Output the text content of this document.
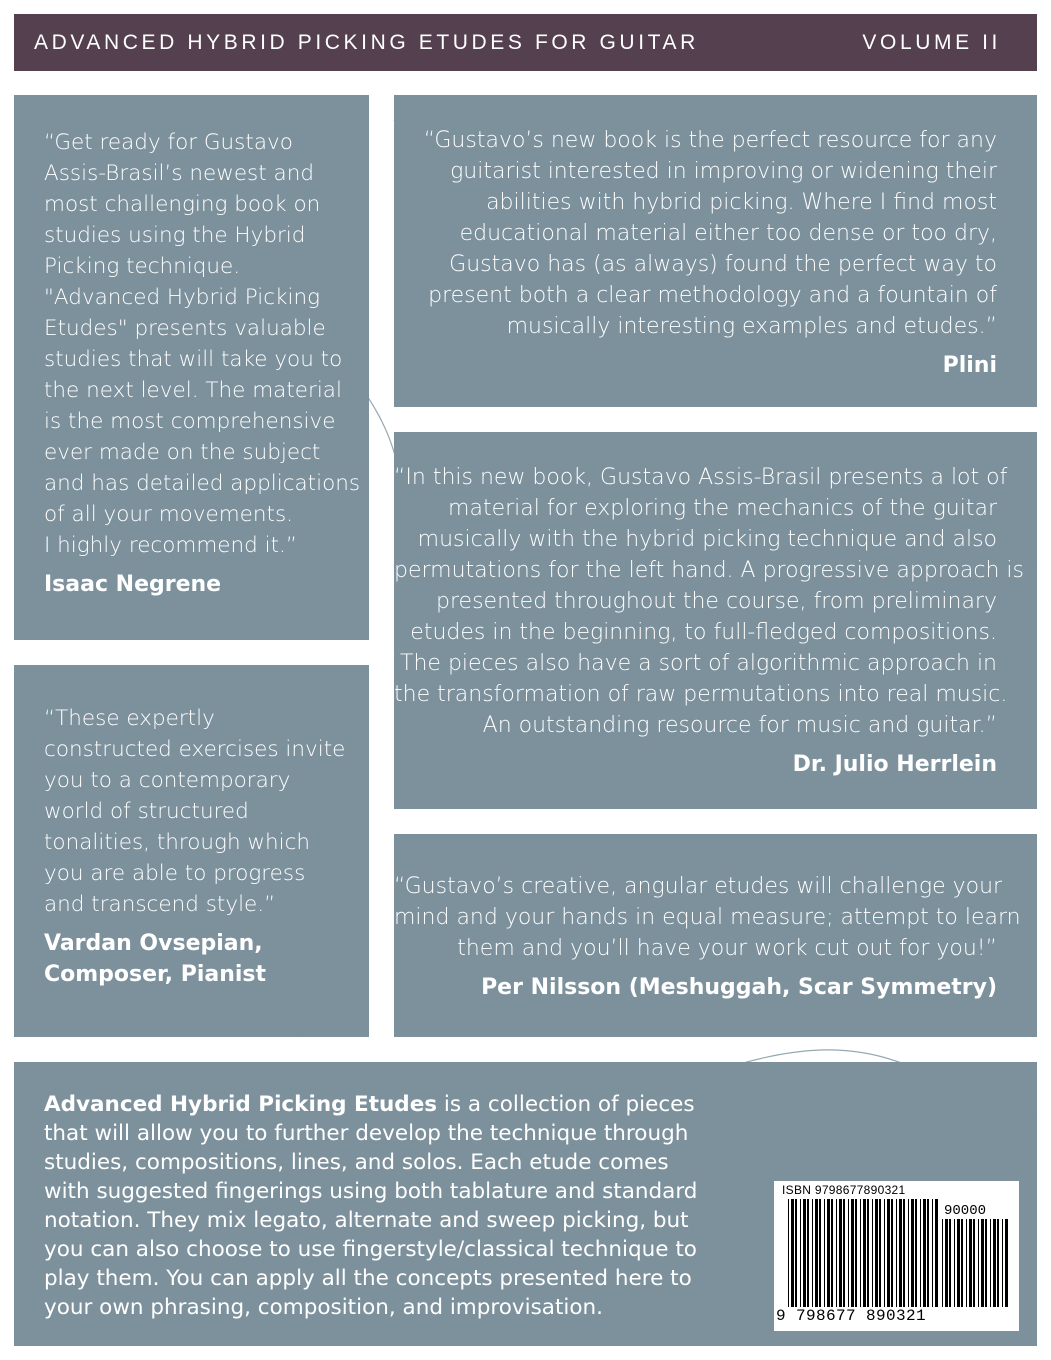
ADVANCED HYBRID PICKING ETUDES FOR GUITAR	VOLUME II

“Get ready for Gustavo

Assis-Brasil’s newest and

most challenging book on

studies using the Hybrid

Picking technique.

"Advanced Hybrid Picking

Etudes" presents valuable

studies that will take you to

the next level. The material

is the most comprehensive

ever made on the subject

and has detailed applications

of all your movements.

I highly recommend it.”

Isaac Negrene

“These expertly

constructed exercises invite

you to a contemporary

world of structured

tonalities, through which

you are able to progress

and transcend style.”

Vardan Ovsepian,

Composer, Pianist

“Gustavo’s new book is the perfect resource for any

guitarist interested in improving or widening their

abilities with hybrid picking. Where I find most

educational material either too dense or too dry,

Gustavo has (as always) found the perfect way to

present both a clear methodology and a fountain of

musically interesting examples and etudes.”

Plini

“In this new book, Gustavo Assis-Brasil presents a lot of

material for exploring the mechanics of the guitar

musically with the hybrid picking technique and also

permutations for the left hand. A progressive approach is

presented throughout the course, from preliminary

etudes in the beginning, to full-fledged compositions.

The pieces also have a sort of algorithmic approach in

the transformation of raw permutations into real music.

An outstanding resource for music and guitar.”

Dr. Julio Herrlein

“Gustavo’s creative, angular etudes will challenge your

mind and your hands in equal measure; attempt to learn

them and you’ll have your work cut out for you!”

Per Nilsson (Meshuggah, Scar Symmetry)

Advanced Hybrid Picking Etudes is a collection of pieces

that will allow you to further develop the technique through

studies, compositions, lines, and solos. Each etude comes

with suggested fingerings using both tablature and standard

notation. They mix legato, alternate and sweep picking, but

you can also choose to use fingerstyle/classical technique to

play them. You can apply all the concepts presented here to

your own phrasing, composition, and improvisation.

ISBN 9798677890321
90000
9 798677 890321
